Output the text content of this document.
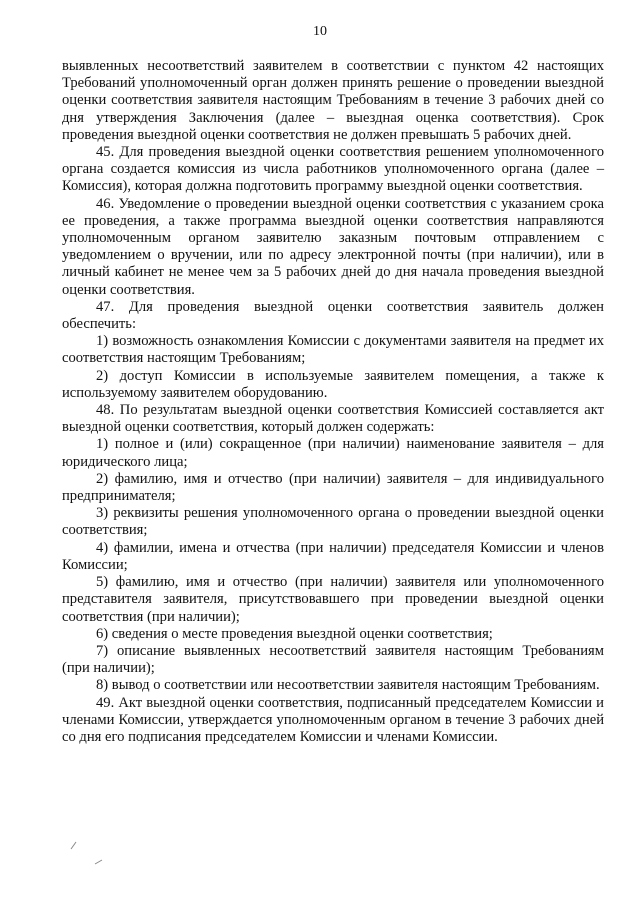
10

выявленных несоответствий заявителем в соответствии с пунктом 42 настоящих Требований уполномоченный орган должен принять решение о проведении выездной оценки соответствия заявителя настоящим Требованиям в течение 3 рабочих дней со дня утверждения Заключения (далее – выездная оценка соответствия). Срок проведения выездной оценки соответствия не должен превышать 5 рабочих дней.

45. Для проведения выездной оценки соответствия решением уполномоченного органа создается комиссия из числа работников уполномоченного органа (далее – Комиссия), которая должна подготовить программу выездной оценки соответствия.

46. Уведомление о проведении выездной оценки соответствия с указанием срока ее проведения, а также программа выездной оценки соответствия направляются уполномоченным органом заявителю заказным почтовым отправлением с уведомлением о вручении, или по адресу электронной почты (при наличии), или в личный кабинет не менее чем за 5 рабочих дней до дня начала проведения выездной оценки соответствия.

47. Для проведения выездной оценки соответствия заявитель должен обеспечить:

1) возможность ознакомления Комиссии с документами заявителя на предмет их соответствия настоящим Требованиям;

2) доступ Комиссии в используемые заявителем помещения, а также к используемому заявителем оборудованию.

48. По результатам выездной оценки соответствия Комиссией составляется акт выездной оценки соответствия, который должен содержать:

1) полное и (или) сокращенное (при наличии) наименование заявителя – для юридического лица;

2) фамилию, имя и отчество (при наличии) заявителя – для индивидуального предпринимателя;

3) реквизиты решения уполномоченного органа о проведении выездной оценки соответствия;

4) фамилии, имена и отчества (при наличии) председателя Комиссии и членов Комиссии;

5) фамилию, имя и отчество (при наличии) заявителя или уполномоченного представителя заявителя, присутствовавшего при проведении выездной оценки соответствия (при наличии);

6) сведения о месте проведения выездной оценки соответствия;

7) описание выявленных несоответствий заявителя настоящим Требованиям (при наличии);

8) вывод о соответствии или несоответствии заявителя настоящим Требованиям.

49. Акт выездной оценки соответствия, подписанный председателем Комиссии и членами Комиссии, утверждается уполномоченным органом в течение 3 рабочих дней со дня его подписания председателем Комиссии и членами Комиссии.
